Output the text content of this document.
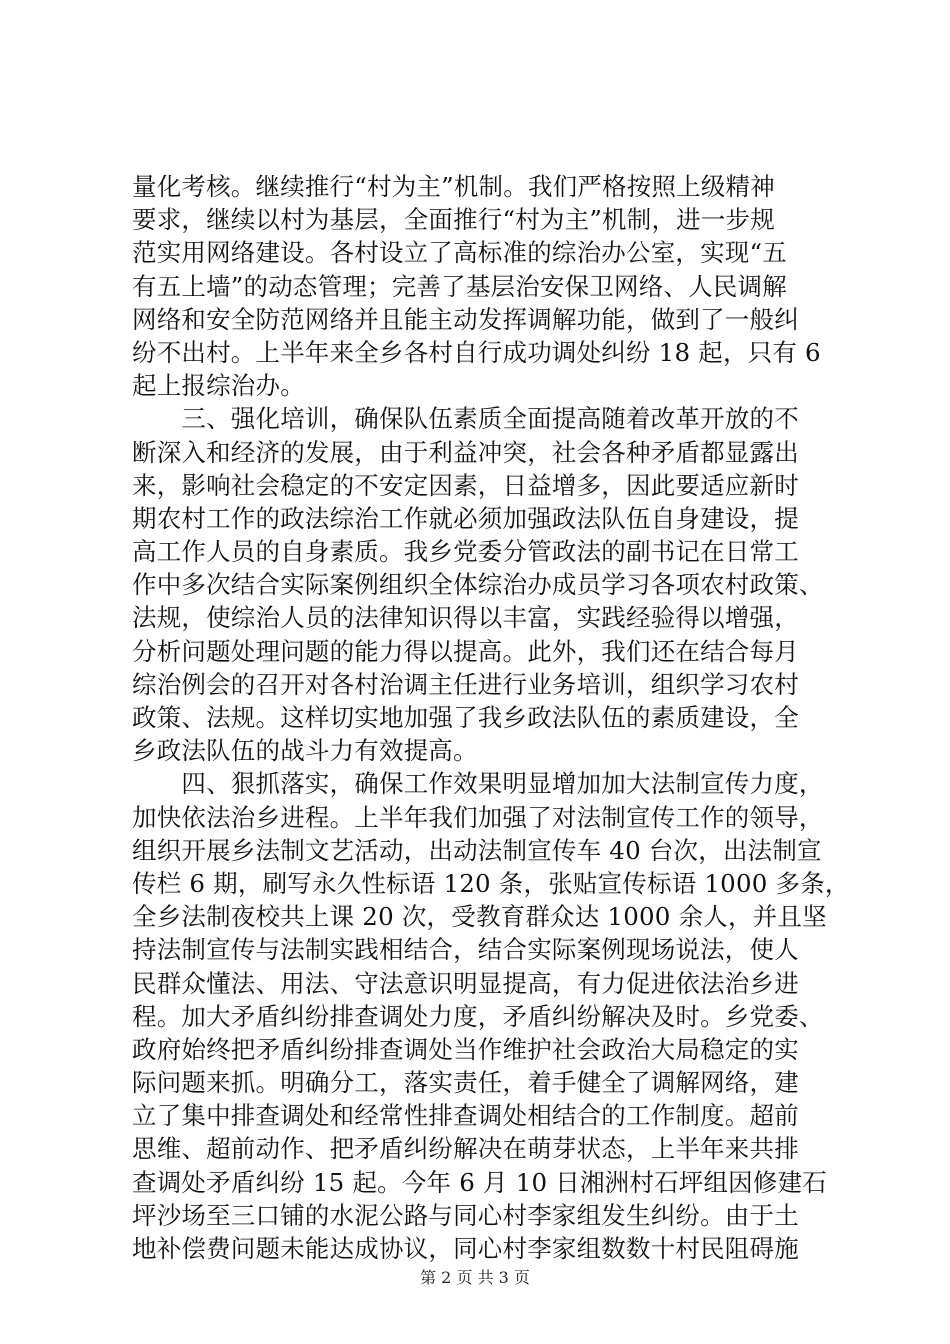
量化考核。继续推行“村为主”机制。我们严格按照上级精神
要求，继续以村为基层，全面推行“村为主”机制，进一步规
范实用网络建设。各村设立了高标准的综治办公室，实现“五
有五上墙”的动态管理；完善了基层治安保卫网络、人民调解
网络和安全防范网络并且能主动发挥调解功能，做到了一般纠
纷不出村。上半年来全乡各村自行成功调处纠纷 18 起，只有 6
起上报综治办。
　　三、强化培训，确保队伍素质全面提高随着改革开放的不
断深入和经济的发展，由于利益冲突，社会各种矛盾都显露出
来，影响社会稳定的不安定因素，日益增多，因此要适应新时
期农村工作的政法综治工作就必须加强政法队伍自身建设，提
高工作人员的自身素质。我乡党委分管政法的副书记在日常工
作中多次结合实际案例组织全体综治办成员学习各项农村政策、
法规，使综治人员的法律知识得以丰富，实践经验得以增强，
分析问题处理问题的能力得以提高。此外，我们还在结合每月
综治例会的召开对各村治调主任进行业务培训，组织学习农村
政策、法规。这样切实地加强了我乡政法队伍的素质建设，全
乡政法队伍的战斗力有效提高。
　　四、狠抓落实，确保工作效果明显增加加大法制宣传力度，
加快依法治乡进程。上半年我们加强了对法制宣传工作的领导，
组织开展乡法制文艺活动，出动法制宣传车 40 台次，出法制宣
传栏 6 期，刷写永久性标语 120 条，张贴宣传标语 1000 多条，
全乡法制夜校共上课 20 次，受教育群众达 1000 余人，并且坚
持法制宣传与法制实践相结合，结合实际案例现场说法，使人
民群众懂法、用法、守法意识明显提高，有力促进依法治乡进
程。加大矛盾纠纷排查调处力度，矛盾纠纷解决及时。乡党委、
政府始终把矛盾纠纷排查调处当作维护社会政治大局稳定的实
际问题来抓。明确分工，落实责任，着手健全了调解网络，建
立了集中排查调处和经常性排查调处相结合的工作制度。超前
思维、超前动作、把矛盾纠纷解决在萌芽状态，上半年来共排
查调处矛盾纠纷 15 起。今年 6 月 10 日湘洲村石坪组因修建石
坪沙场至三口铺的水泥公路与同心村李家组发生纠纷。由于土
地补偿费问题未能达成协议，同心村李家组数数十村民阻碍施
第 2 页 共 3 页
